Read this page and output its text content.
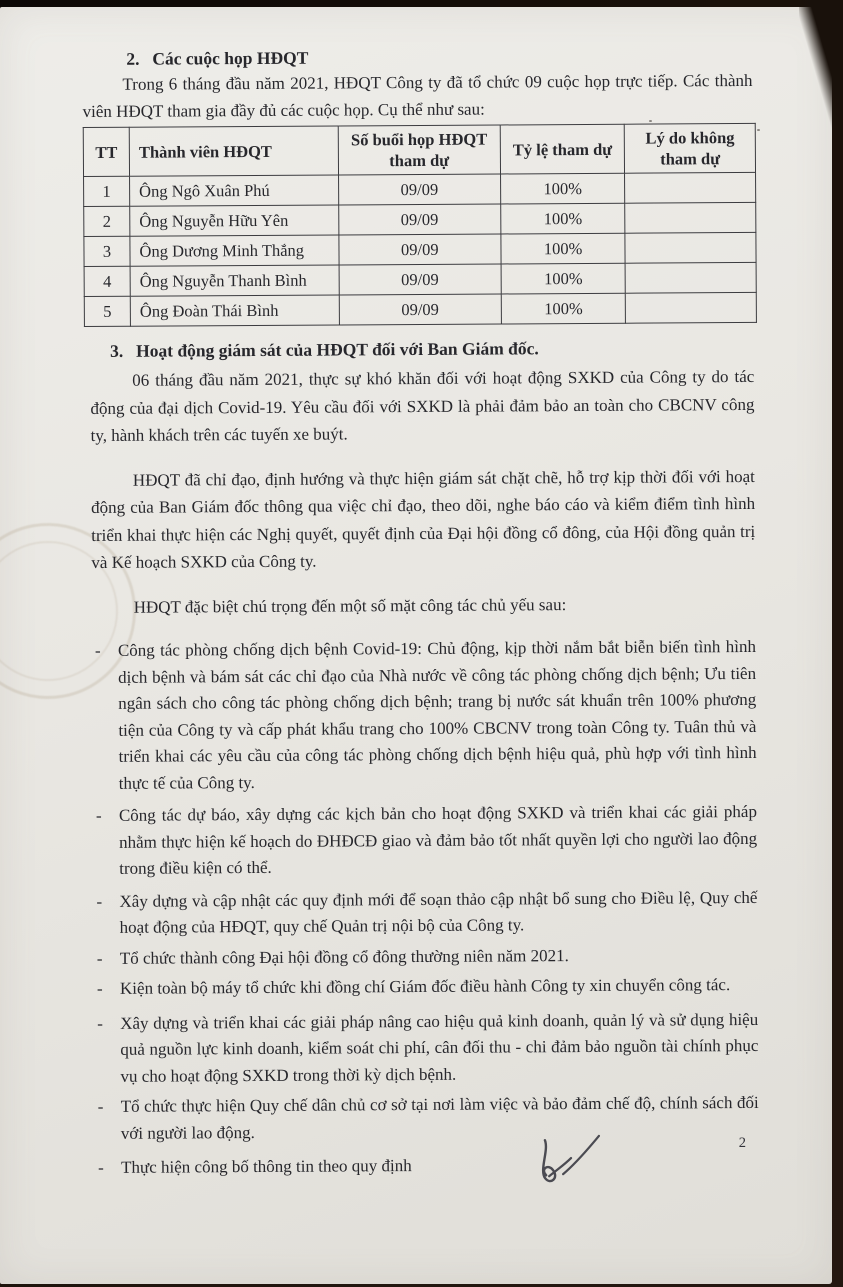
2. Các cuộc họp HĐQT

Trong 6 tháng đầu năm 2021, HĐQT Công ty đã tổ chức 09 cuộc họp trực tiếp. Các thành viên HĐQT tham gia đầy đủ các cuộc họp. Cụ thể như sau:

TT	Thành viên HĐQT	Số buổi họp HĐQT tham dự	Tỷ lệ tham dự	Lý do không tham dự
1	Ông Ngô Xuân Phú	09/09	100%	
2	Ông Nguyễn Hữu Yên	09/09	100%	
3	Ông Dương Minh Thắng	09/09	100%	
4	Ông Nguyễn Thanh Bình	09/09	100%	
5	Ông Đoàn Thái Bình	09/09	100%	
3. Hoạt động giám sát của HĐQT đối với Ban Giám đốc.

06 tháng đầu năm 2021, thực sự khó khăn đối với hoạt động SXKD của Công ty do tác động của đại dịch Covid-19. Yêu cầu đối với SXKD là phải đảm bảo an toàn cho CBCNV công ty, hành khách trên các tuyến xe buýt.

HĐQT đã chỉ đạo, định hướng và thực hiện giám sát chặt chẽ, hỗ trợ kịp thời đối với hoạt động của Ban Giám đốc thông qua việc chỉ đạo, theo dõi, nghe báo cáo và kiểm điểm tình hình triển khai thực hiện các Nghị quyết, quyết định của Đại hội đồng cổ đông, của Hội đồng quản trị và Kế hoạch SXKD của Công ty.

HĐQT đặc biệt chú trọng đến một số mặt công tác chủ yếu sau:

- Công tác phòng chống dịch bệnh Covid-19: Chủ động, kịp thời nắm bắt biễn biến tình hình dịch bệnh và bám sát các chỉ đạo của Nhà nước về công tác phòng chống dịch bệnh; Ưu tiên ngân sách cho công tác phòng chống dịch bệnh; trang bị nước sát khuẩn trên 100% phương tiện của Công ty và cấp phát khẩu trang cho 100% CBCNV trong toàn Công ty. Tuân thủ và triển khai các yêu cầu của công tác phòng chống dịch bệnh hiệu quả, phù hợp với tình hình thực tế của Công ty.
- Công tác dự báo, xây dựng các kịch bản cho hoạt động SXKD và triển khai các giải pháp nhằm thực hiện kế hoạch do ĐHĐCĐ giao và đảm bảo tốt nhất quyền lợi cho người lao động trong điều kiện có thể.
- Xây dựng và cập nhật các quy định mới để soạn thảo cập nhật bổ sung cho Điều lệ, Quy chế hoạt động của HĐQT, quy chế Quản trị nội bộ của Công ty.
- Tổ chức thành công Đại hội đồng cổ đông thường niên năm 2021.
- Kiện toàn bộ máy tổ chức khi đồng chí Giám đốc điều hành Công ty xin chuyển công tác.
- Xây dựng và triển khai các giải pháp nâng cao hiệu quả kinh doanh, quản lý và sử dụng hiệu quả nguồn lực kinh doanh, kiểm soát chi phí, cân đối thu - chi đảm bảo nguồn tài chính phục vụ cho hoạt động SXKD trong thời kỳ dịch bệnh.
- Tổ chức thực hiện Quy chế dân chủ cơ sở tại nơi làm việc và bảo đảm chế độ, chính sách đối với người lao động.
- Thực hiện công bố thông tin theo quy định
2
